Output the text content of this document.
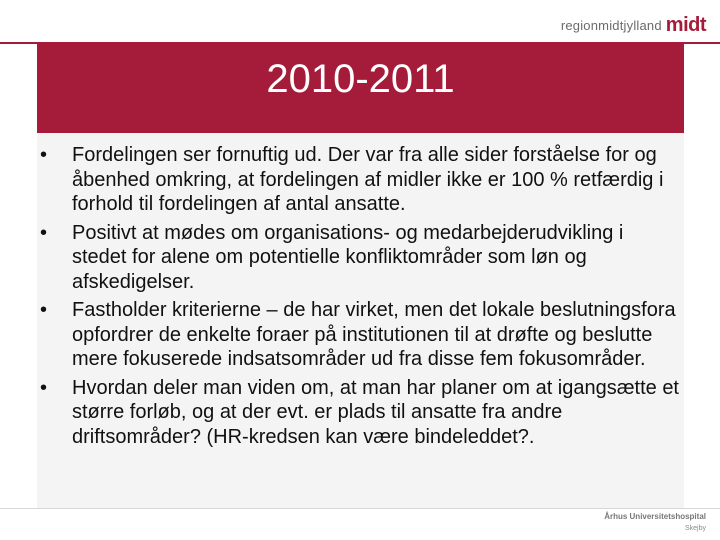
regionmidtjylland midt
2010-2011
•	Fordelingen ser fornuftig ud. Der var fra alle sider forståelse for og åbenhed omkring, at fordelingen af midler ikke er 100 % retfærdig i forhold til fordelingen af antal ansatte.
•	Positivt at mødes om organisations- og medarbejderudvikling i stedet for alene om potentielle konfliktområder som løn og afskedigelser.
•	Fastholder kriterierne – de har virket, men det lokale beslutningsfora opfordrer de enkelte foraer på institutionen til at drøfte og beslutte mere fokuserede indsatsområder ud fra disse fem fokusområder.
•	Hvordan deler man viden om, at man har planer om at igangsætte et større forløb, og at der evt. er plads til ansatte fra andre driftsområder? (HR-kredsen kan være bindeleddet?.
Århus Universitetshospital
Skejby
